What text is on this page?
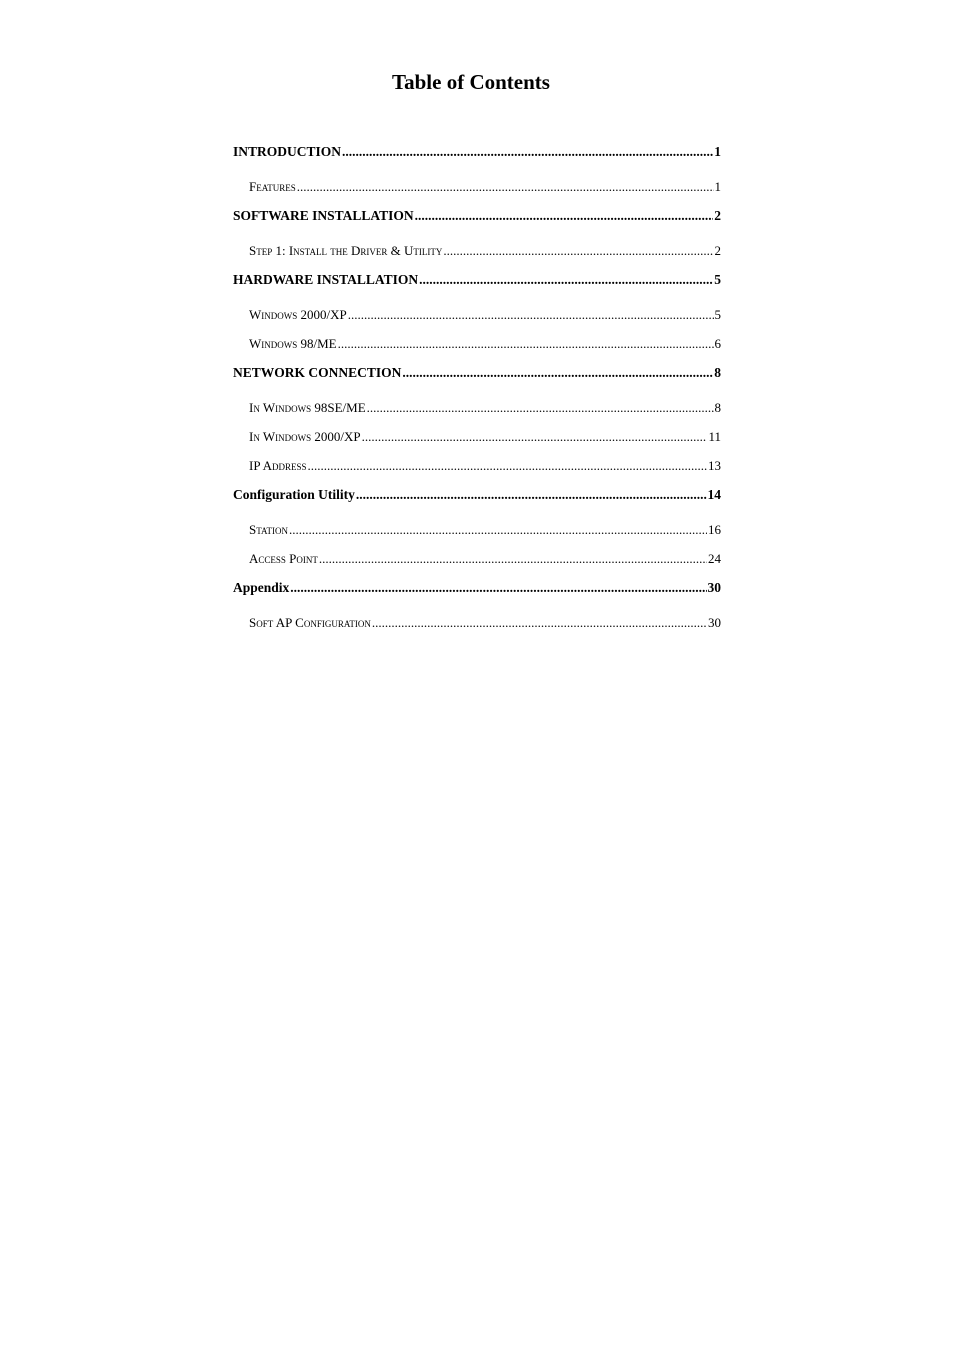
Table of Contents
INTRODUCTION .....	1
Features .....	1
SOFTWARE INSTALLATION .....	2
Step 1: Install the Driver & Utility .....	2
HARDWARE INSTALLATION .....	5
Windows 2000/XP .....	5
Windows 98/ME .....	6
NETWORK CONNECTION .....	8
In Windows 98SE/ME .....	8
In Windows 2000/XP .....	11
IP Address .....	13
Configuration Utility .....	14
Station .....	16
Access Point .....	24
Appendix .....	30
Soft AP Configuration .....	30
